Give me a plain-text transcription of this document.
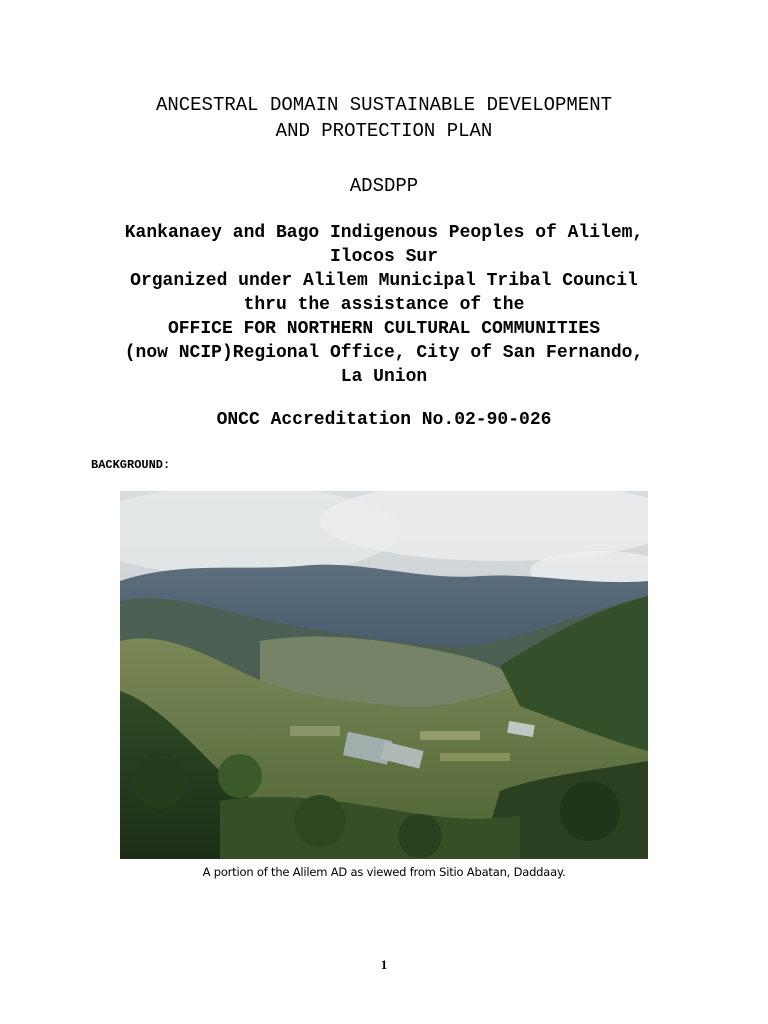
ANCESTRAL DOMAIN SUSTAINABLE DEVELOPMENT
AND PROTECTION PLAN
ADSDPP
Kankanaey and Bago Indigenous Peoples of Alilem,
Ilocos Sur
Organized under Alilem Municipal Tribal Council
thru the assistance of the
OFFICE FOR NORTHERN CULTURAL COMMUNITIES
(now NCIP)Regional Office, City of San Fernando,
La Union
ONCC Accreditation No.02-90-026
BACKGROUND:
A portion of the Alilem AD as viewed from Sitio Abatan, Daddaay.
1
